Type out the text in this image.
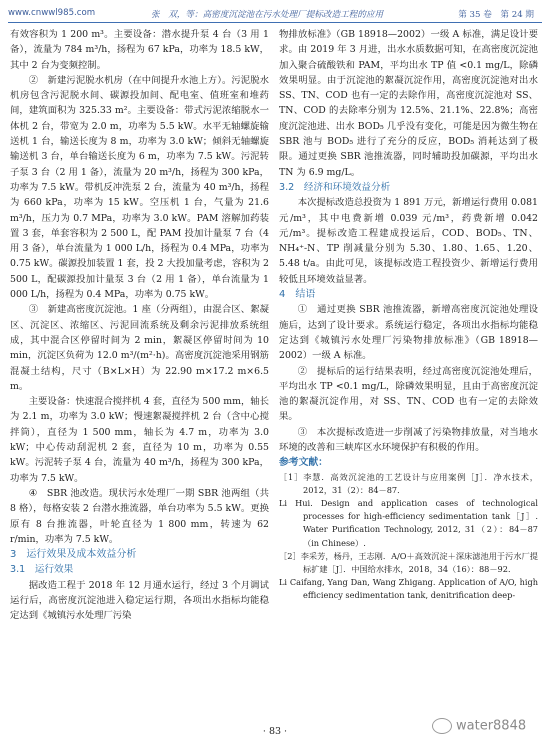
www.cnwwl985.com	张　双，等：高密度沉淀池在污水处理厂提标改造工程的应用	第 35 卷　第 24 期

有效容积为 1 200 m³。主要设备：潜水提升泵 4 台（3 用 1 备），流量为 784 m³/h，扬程为 67 kPa，功率为 18.5 kW，其中 2 台为变频控制。

②　新建污泥脱水机房（在中间提升水池上方）。污泥脱水机房包含污泥脱水间、碳源投加间、配电室、值班室和堆药间，建筑面积为 325.33 m²。主要设备：带式污泥浓缩脱水一体机 2 台，带宽为 2.0 m，功率为 5.5 kW。水平无轴螺旋输送机 1 台，输送长度为 8 m，功率为 3.0 kW；倾斜无轴螺旋输送机 3 台，单台输送长度为 6 m，功率为 7.5 kW。污泥转子泵 3 台（2 用 1 备），流量为 20 m³/h，扬程为 300 kPa，功率为 7.5 kW。带机反冲洗泵 2 台，流量为 40 m³/h，扬程为 660 kPa，功率为 15 kW。空压机 1 台，气量为 21.6 m³/h，压力为 0.7 MPa，功率为 3.0 kW。PAM 溶解加药装置 3 套，单套容积为 2 500 L，配 PAM 投加计量泵 7 台（4 用 3 备），单台流量为 1 000 L/h，扬程为 0.4 MPa，功率为 0.75 kW。碳源投加装置 1 套，投 2 大投加量考虑，容积为 2 500 L，配碳源投加计量泵 3 台（2 用 1 备），单台流量为 1 000 L/h，扬程为 0.4 MPa，功率为 0.75 kW。

③　新建高密度沉淀池。1 座（分两组），由混合区、絮凝区、沉淀区、浓缩区、污泥回流系统及剩余污泥排放系统组成，其中混合区停留时间为 2 min，絮凝区停留时间为 10 min，沉淀区负荷为 12.0 m³/(m²·h)。高密度沉淀池采用钢筋混凝土结构，尺寸（B×L×H）为 22.90 m×17.2 m×6.5 m。

主要设备：快速混合搅拌机 4 套，直径为 500 mm，轴长为 2.1 m，功率为 3.0 kW；慢速絮凝搅拌机 2 台（含中心搅拌筒），直径为 1 500 mm，轴长为 4.7 m，功率为 3.0 kW；中心传动刮泥机 2 套，直径为 10 m，功率为 0.55 kW。污泥转子泵 4 台，流量为 40 m³/h，扬程为 300 kPa，功率为 7.5 kW。

④　SBR 池改造。现状污水处理厂一期 SBR 池两组（共 8 格），每格安装 2 台潜水推流器，单台功率为 5.5 kW。更换原有 8 台推流器，叶轮直径为 1 800 mm，转速为 62 r/min，功率为 7.5 kW。

3　运行效果及成本效益分析

3.1　运行效果

据改造工程于 2018 年 12 月通水运行，经过 3 个月调试运行后，高密度沉淀池进入稳定运行期，各项出水指标均能稳定达到《城镇污水处理厂污染

物排放标准》（GB 18918—2002）一级 A 标准，满足设计要求。由 2019 年 3 月进，出水水质数据可知，在高密度沉淀池加入聚合硫酸铁和 PAM，平均出水 TP 值 <0.1 mg/L，除磷效果明显。由于沉淀池的絮凝沉淀作用，高密度沉淀池对出水 SS、TN、COD 也有一定的去除作用，高密度沉淀池对 SS、TN、COD 的去除率分别为 12.5%、21.1%、22.8%；高密度沉淀池进、出水 BOD₅ 几乎没有变化，可能是因为微生物在 SBR 池与 BOD₅ 进行了充分的反应，BOD₅ 消耗达到了极限。通过更换 SBR 池推流器，同时辅助投加碳源，平均出水 TN 为 6.9 mg/L。

3.2　经济和环境效益分析

本次提标改造总投资为 1 891 万元，新增运行费用 0.081 元/m³，其中电费新增 0.039 元/m³，药费新增 0.042 元/m³。提标改造工程建成投运后，COD、BOD₅、TN、NH₄⁺-N、TP 削减量分别为 5.30、1.80、1.65、1.20、5.48 t/a。由此可见，该提标改造工程投资少、新增运行费用较低且环境效益显著。

4　结语

①　通过更换 SBR 池推流器，新增高密度沉淀池处理设施后，达到了设计要求。系统运行稳定，各项出水指标均能稳定达到《城镇污水处理厂污染物排放标准》（GB 18918—2002）一级 A 标准。

②　提标后的运行结果表明，经过高密度沉淀池处理后，平均出水 TP <0.1 mg/L，除磷效果明显，且由于高密度沉淀池的絮凝沉淀作用，对 SS、TN、COD 也有一定的去除效果。

③　本次提标改造进一步削减了污染物排放量，对当地水环境的改善和三峡库区水环境保护有积极的作用。

参考文献：

［1］李慧．高效沉淀池的工艺设计与应用案例［J］．净水技术，2012，31（2）：84－87．

Li Hui. Design and application cases of technological processes for high-efficiency sedimentation tank［J］. Water Purification Technology, 2012, 31（2）：84－87（in Chinese）.

［2］李采芳，杨丹，王志刚．A/O＋高效沉淀＋深床滤池用于污水厂提标扩建［J］．中国给水排水，2018，34（16）：88－92．

Li Caifang, Yang Dan, Wang Zhigang. Application of A/O, high efficiency sedimentation tank, denitrification deep-

· 83 ·	water8848
